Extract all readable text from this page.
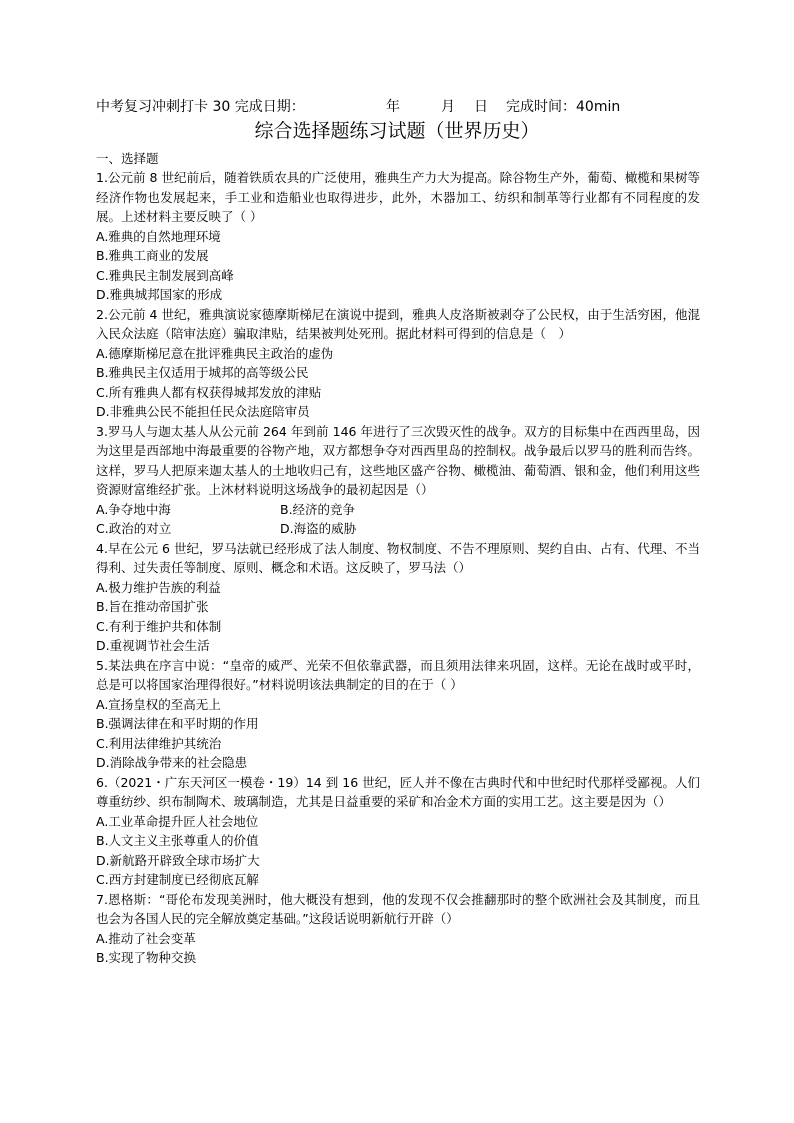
中考复习冲刺打卡 30 完成日期：	年	月 日 完成时间：40min
综合选择题练习试题（世界历史）
一、选择题

1.公元前 8 世纪前后，随着铁质农具的广泛使用，雅典生产力大为提高。除谷物生产外，葡萄、橄榄和果树等经济作物也发展起来，手工业和造船业也取得进步，此外，木器加工、纺织和制革等行业都有不同程度的发展。上述材料主要反映了（ ）

A.雅典的自然地理环境
B.雅典工商业的发展
C.雅典民主制发展到高峰
D.雅典城邦国家的形成

2.公元前 4 世纪，雅典演说家德摩斯梯尼在演说中提到，雅典人皮洛斯被剥夺了公民权，由于生活穷困，他混入民众法庭（陪审法庭）骗取津贴，结果被判处死刑。据此材料可得到的信息是（　）

A.德摩斯梯尼意在批评雅典民主政治的虚伪
B.雅典民主仅适用于城邦的高等级公民
C.所有雅典人都有权获得城邦发放的津贴
D.非雅典公民不能担任民众法庭陪审员

3.罗马人与迦太基人从公元前 264 年到前 146 年进行了三次毁灭性的战争。双方的目标集中在西西里岛，因为这里是西部地中海最重要的谷物产地，双方都想争夺对西西里岛的控制权。战争最后以罗马的胜利而告终。这样，罗马人把原来迦太基人的土地收归己有，这些地区盛产谷物、橄榄油、葡萄酒、银和金，他们利用这些资源财富维经扩张。上沐材料说明这场战争的最初起因是（）

A.争夺地中海	B.经济的竞争
C.政治的对立	D.海盗的威胁

4.早在公元 6 世纪，罗马法就已经形成了法人制度、物权制度、不告不理原则、契约自由、占有、代理、不当得利、过失责任等制度、原则、概念和术语。这反映了，罗马法（）

A.极力维护告族的利益
B.旨在推动帝国扩张
C.有利于维护共和体制
D.重视调节社会生活

5.某法典在序言中说：“皇帝的威严、光荣不但依靠武器，而且须用法律来巩固，这样。无论在战时或平时，总是可以将国家治理得很好。”材料说明该法典制定的目的在于（ ）

A.宣扬皇权的至高无上
B.强调法律在和平时期的作用
C.利用法律维护其统治
D.消除战争带来的社会隐患

6.（2021・广东天河区一模卷・19）14 到 16 世纪，匠人并不像在古典时代和中世纪时代那样受鄙视。人们尊重纺纱、织布制陶术、玻璃制造，尤其是日益重要的采矿和冶金术方面的实用工艺。这主要是因为（）

A.工业革命提升匠人社会地位
B.人文主义主张尊重人的价值
D.新航路开辟致全球市场扩大
C.西方封建制度已经彻底瓦解

7.恩格斯：“哥伦布发现美洲时，他大概没有想到，他的发现不仅会推翻那时的整个欧洲社会及其制度，而且也会为各国人民的完全解放奠定基础。”这段话说明新航行开辟（）

A.推动了社会变革
B.实现了物种交换
